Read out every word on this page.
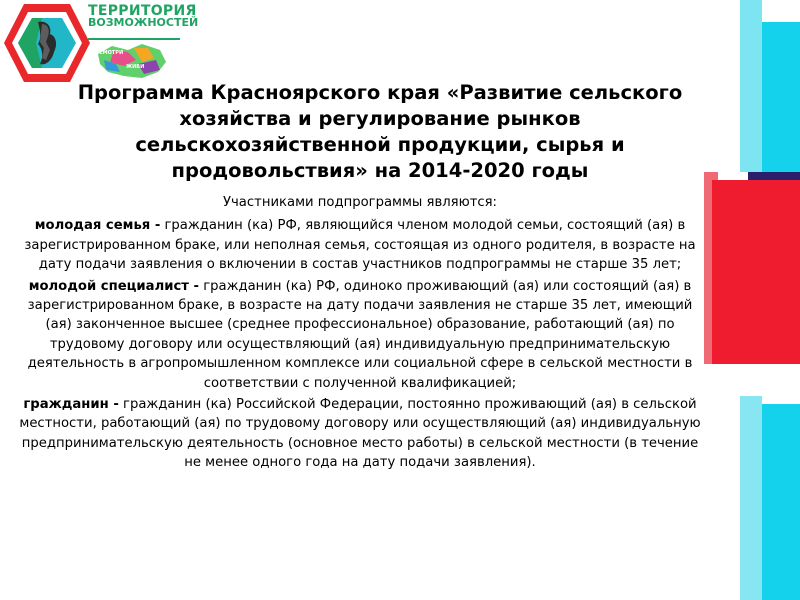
ТЕРРИТОРИЯ
ВОЗМОЖНОСТЕЙ
СМОТРИ
ЖИВИ
Программа Красноярского края «Развитие сельского хозяйства и регулирование рынков сельскохозяйственной продукции, сырья и продовольствия» на 2014-2020 годы

Участниками подпрограммы являются:

молодая семья - гражданин (ка) РФ, являющийся членом молодой семьи, состоящий (ая) в зарегистрированном браке, или неполная семья, состоящая из одного родителя, в возрасте на дату подачи заявления о включении в состав участников подпрограммы не старше 35 лет;

молодой специалист - гражданин (ка) РФ, одиноко проживающий (ая) или состоящий (ая) в зарегистрированном браке, в возрасте на дату подачи заявления не старше 35 лет, имеющий (ая) законченное высшее (среднее профессиональное) образование, работающий (ая) по трудовому договору или осуществляющий (ая) индивидуальную предпринимательскую деятельность в агропромышленном комплексе или социальной сфере в сельской местности в соответствии с полученной квалификацией;

гражданин - гражданин (ка) Российской Федерации, постоянно проживающий (ая) в сельской местности, работающий (ая) по трудовому договору или осуществляющий (ая) индивидуальную предпринимательскую деятельность (основное место работы) в сельской местности (в течение не менее одного года на дату подачи заявления).
